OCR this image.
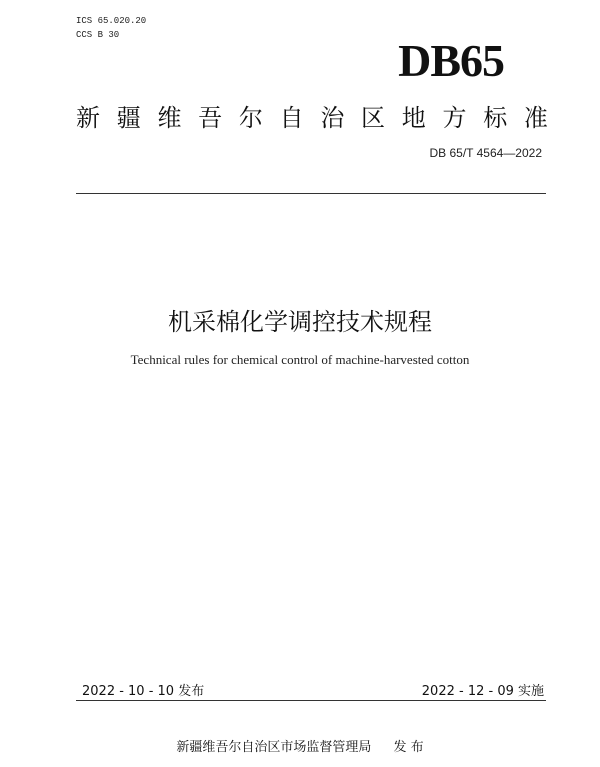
ICS 65.020.20
CCS B 30	DB65
新 疆 维 吾 尔 自 治 区 地 方 标 准
DB 65/T 4564—2022
机采棉化学调控技术规程
Technical rules for chemical control of machine-harvested cotton
2022 - 10 - 10 发布	2022 - 12 - 09 实施
新疆维吾尔自治区市场监督管理局 发 布
